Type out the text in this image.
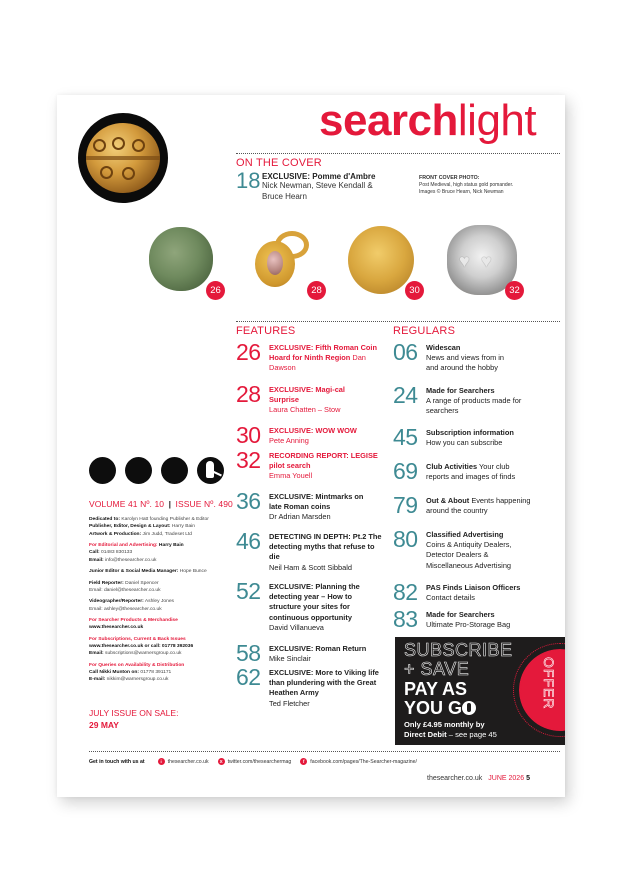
searchlight
ON THE COVER
18 EXCLUSIVE: Pomme d'Ambre
Nick Newman, Steve Kendall &
Bruce Hearn
FRONT COVER PHOTO:
Post Medieval, high status gold pomander. Images © Bruce Hearn, Nick Newman
26	28	30
♥ ♥
32
FEATURES	REGULARS
26	EXCLUSIVE: Fifth Roman Coin Hoard for Ninth Region Dan Dawson
28	EXCLUSIVE: Magi-cal Surprise
Laura Chatten – Stow
30	EXCLUSIVE: WOW WOW
Pete Anning
32	RECORDING REPORT: LEGISE pilot search
Emma Youell
36	EXCLUSIVE: Mintmarks on late Roman coins
Dr Adrian Marsden
46	DETECTING IN DEPTH: Pt.2 The detecting myths that refuse to die
Neil Ham & Scott Sibbald
52	EXCLUSIVE: Planning the detecting year – How to structure your sites for continuous opportunity
David Villanueva
58	EXCLUSIVE: Roman Return
Mike Sinclair
62	EXCLUSIVE: More to Viking life than plundering with the Great Heathen Army
Ted Fletcher
06	Widescan
News and views from in and around the hobby
24	Made for Searchers
A range of products made for searchers
45	Subscription information
How you can subscribe
69	Club Activities Your club reports and images of finds
79	Out & About Events happening around the country
80	Classified Advertising
Coins & Antiquity Dealers, Detector Dealers & Miscellaneous Advertising
82	PAS Finds Liaison Officers
Contact details
83	Made for Searchers
Ultimate Pro-Storage Bag
OFFER
SUBSCRIBE
+ SAVE
PAY AS
YOU G
Only £4.95 monthly by
Direct Debit – see page 45
VOLUME 41 Nº. 10 | ISSUE Nº. 490
Dedicated to: Karolyn Hatt founding Publisher & Editor
Publisher, Editor, Design & Layout: Harry Bain
Artwork & Production: Jim Judd, Tradeset Ltd
For Editorial and Advertising: Harry Bain
Call: 01483 830133
Email: info@thesearcher.co.uk
Junior Editor & Social Media Manager: Hope Bunce
Field Reporter: Daniel Spencer
Email: daniel@thesearcher.co.uk
Videographer/Reporter: Ashley Jones
Email: ashley@thesearcher.co.uk
For Searcher Products & Merchandise
www.thesearcher.co.uk
For Subscriptions, Current & Back Issues
www.thesearcher.co.uk or call: 01778 392036
Email: subscriptions@warnersgroup.co.uk
For Queries on Availability & Distribution
Call Nikki Munton on: 01778 391171
E-mail: nikkim@warnersgroup.co.uk
JULY ISSUE ON SALE:
29 MAY
Get in touch with us at	i	thesearcher.co.uk	X twitter.com/thesearchermag	f	facebook.com/pages/The-Searcher-magazine/
thesearcher.co.uk JUNE 2026 5
